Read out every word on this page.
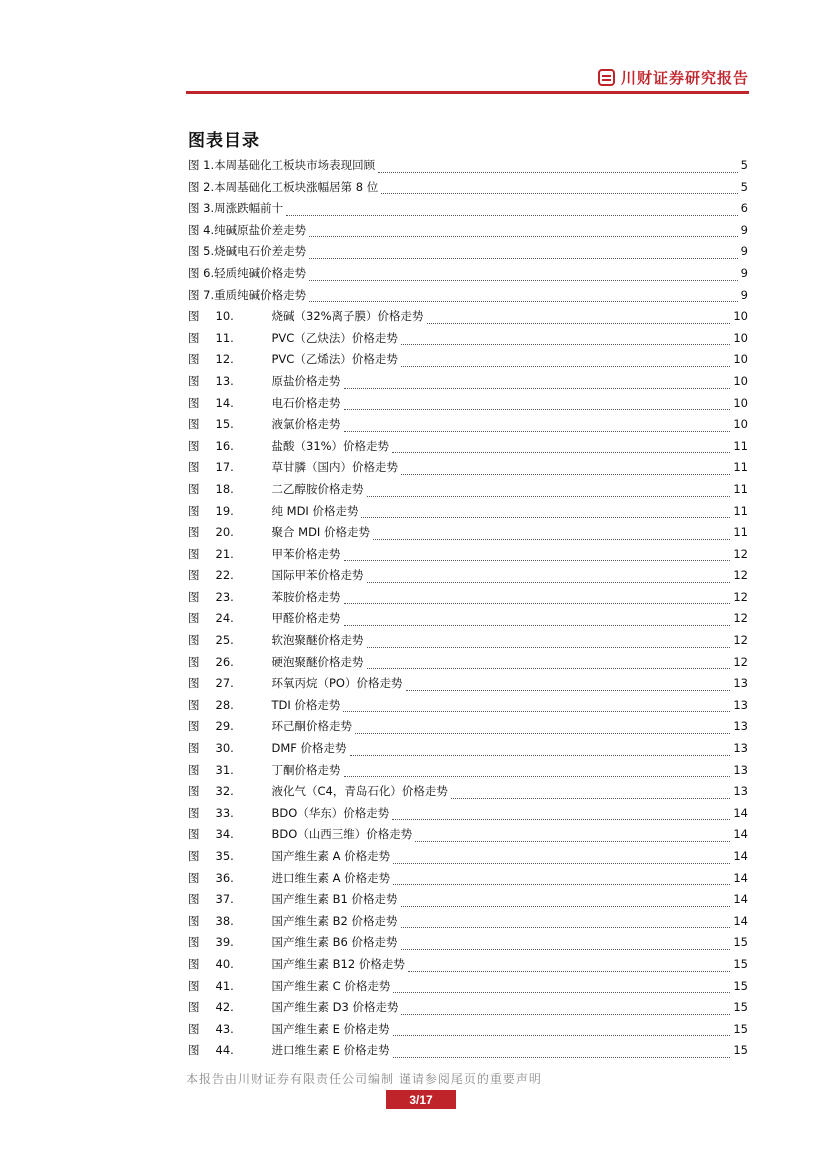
川财证券研究报告
图表目录
图 1. 本周基础化工板块市场表现回顾	5
图 2. 本周基础化工板块涨幅居第 8 位	5
图 3. 周涨跌幅前十	6
图 4. 纯碱原盐价差走势	9
图 5. 烧碱电石价差走势	9
图 6. 轻质纯碱价格走势	9
图 7. 重质纯碱价格走势	9
图	10.	烧碱（32%离子膜）价格走势	10
图	11.	PVC（乙炔法）价格走势	10
图	12.	PVC（乙烯法）价格走势	10
图	13.	原盐价格走势	10
图	14.	电石价格走势	10
图	15.	液氯价格走势	10
图	16.	盐酸（31%）价格走势	11
图	17.	草甘膦（国内）价格走势	11
图	18.	二乙醇胺价格走势	11
图	19.	纯 MDI 价格走势	11
图	20.	聚合 MDI 价格走势	11
图	21.	甲苯价格走势	12
图	22.	国际甲苯价格走势	12
图	23.	苯胺价格走势	12
图	24.	甲醛价格走势	12
图	25.	软泡聚醚价格走势	12
图	26.	硬泡聚醚价格走势	12
图	27.	环氧丙烷（PO）价格走势	13
图	28.	TDI 价格走势	13
图	29.	环己酮价格走势	13
图	30.	DMF 价格走势	13
图	31.	丁酮价格走势	13
图	32.	液化气（C4，青岛石化）价格走势	13
图	33.	BDO（华东）价格走势	14
图	34.	BDO（山西三维）价格走势	14
图	35.	国产维生素 A 价格走势	14
图	36.	进口维生素 A 价格走势	14
图	37.	国产维生素 B1 价格走势	14
图	38.	国产维生素 B2 价格走势	14
图	39.	国产维生素 B6 价格走势	15
图	40.	国产维生素 B12 价格走势	15
图	41.	国产维生素 C 价格走势	15
图	42.	国产维生素 D3 价格走势	15
图	43.	国产维生素 E 价格走势	15
图	44.	进口维生素 E 价格走势	15
本报告由川财证券有限责任公司编制 谨请参阅尾页的重要声明
3/17
